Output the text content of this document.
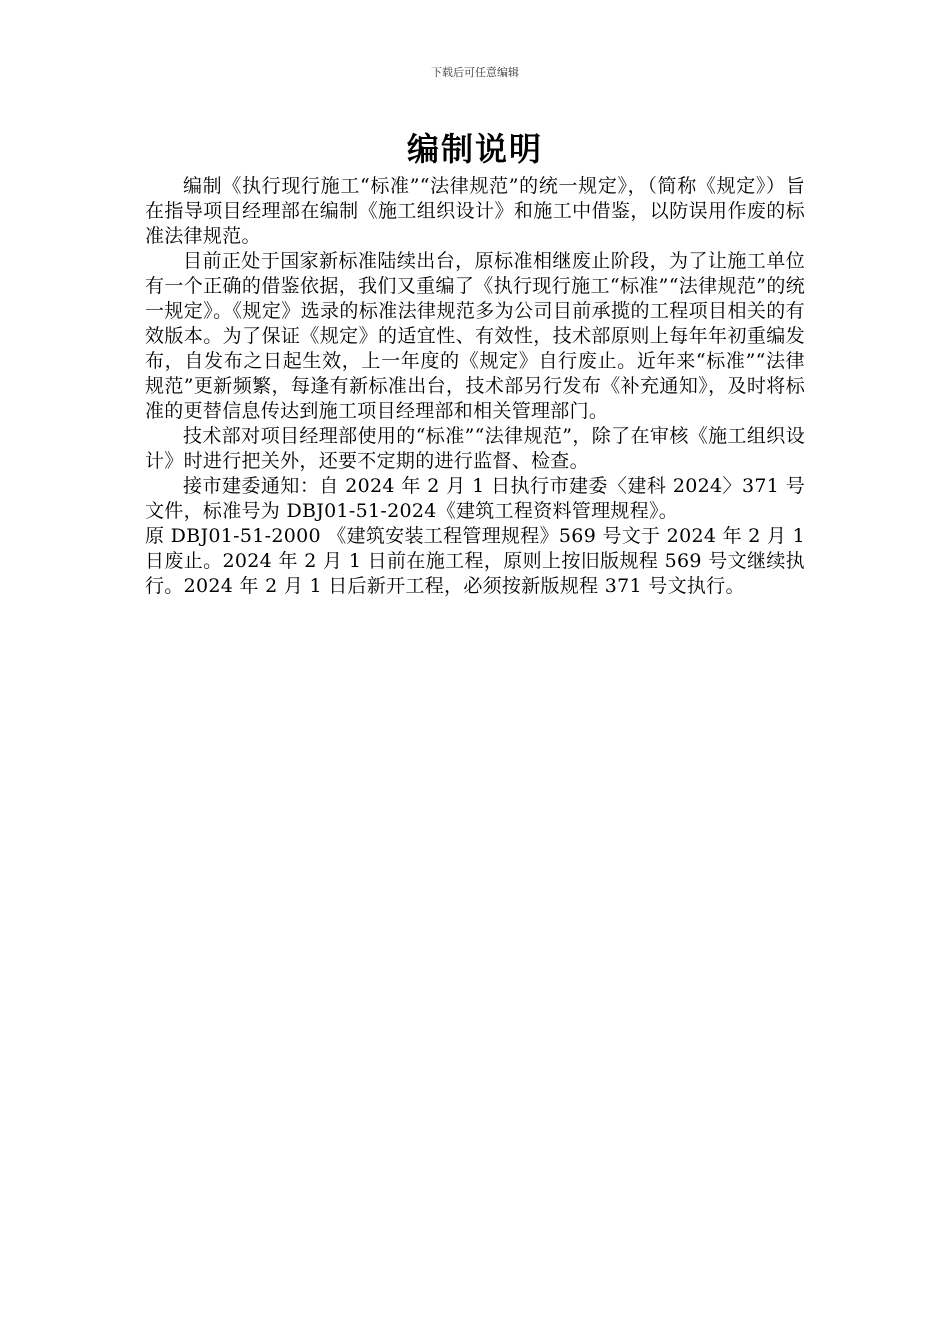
下载后可任意编辑
编制说明

编制《执行现行施工“标准”“法律规范”的统一规定》，（简称《规定》）旨在指导项目经理部在编制《施工组织设计》和施工中借鉴，以防误用作废的标准法律规范。

目前正处于国家新标准陆续出台，原标准相继废止阶段，为了让施工单位有一个正确的借鉴依据，我们又重编了《执行现行施工“标准”“法律规范”的统一规定》。《规定》选录的标准法律规范多为公司目前承揽的工程项目相关的有效版本。为了保证《规定》的适宜性、有效性，技术部原则上每年年初重编发布，自发布之日起生效，上一年度的《规定》自行废止。近年来“标准”“法律规范”更新频繁，每逢有新标准出台，技术部另行发布《补充通知》，及时将标准的更替信息传达到施工项目经理部和相关管理部门。

技术部对项目经理部使用的“标准”“法律规范”，除了在审核《施工组织设计》时进行把关外，还要不定期的进行监督、检查。

接市建委通知：自 2024 年 2 月 1 日执行市建委〈建科 2024〉371 号文件，标准号为 DBJ01-51-2024《建筑工程资料管理规程》。

原 DBJ01-51-2000 《建筑安装工程管理规程》569 号文于 2024 年 2 月 1 日废止。2024 年 2 月 1 日前在施工程，原则上按旧版规程 569 号文继续执行。2024 年 2 月 1 日后新开工程，必须按新版规程 371 号文执行。
